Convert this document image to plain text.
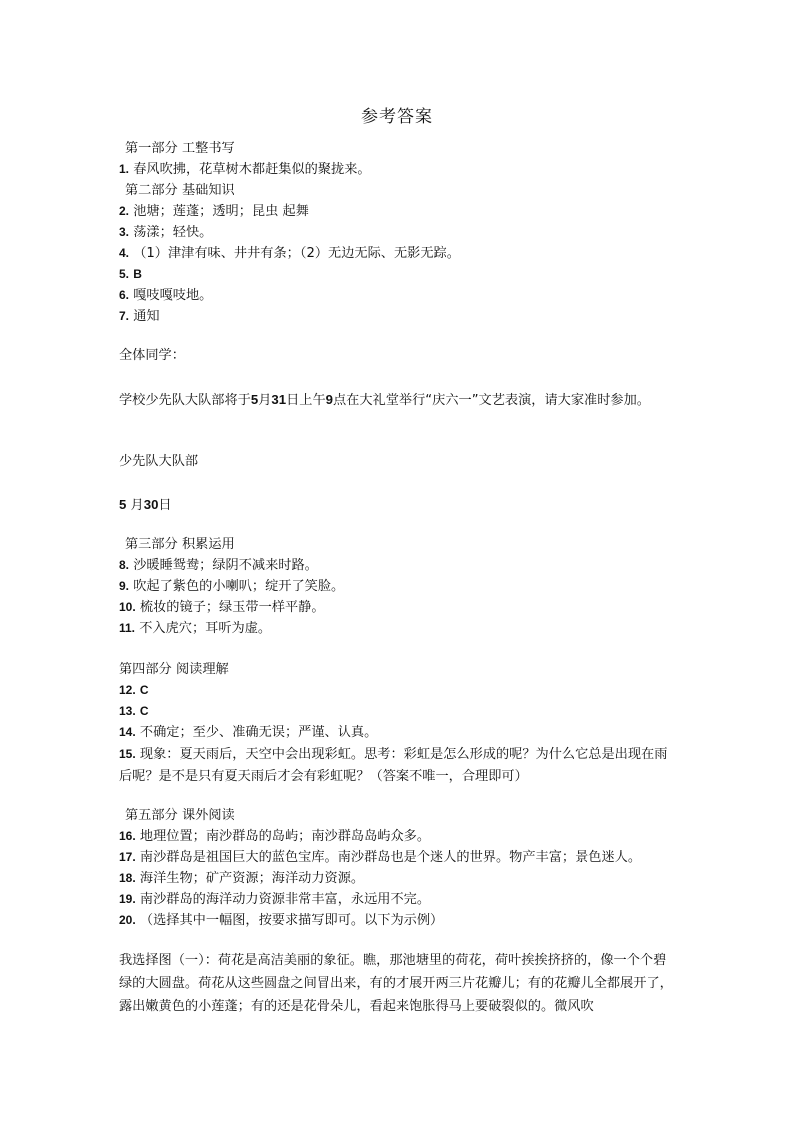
参考答案
第一部分 工整书写
1. 春风吹拂，花草树木都赶集似的聚拢来。
第二部分 基础知识
2. 池塘；莲蓬；透明；昆虫 起舞
3. 荡漾；轻快。
4. （1）津津有味、井井有条；（2）无边无际、无影无踪。
5. B
6. 嘎吱嘎吱地。
7. 通知
全体同学：
学校少先队大队部将于5月31日上午9点在大礼堂举行“庆六一”文艺表演，请大家准时参加。
少先队大队部
5 月30日
第三部分 积累运用
8. 沙暖睡鸳鸯；绿阴不减来时路。
9. 吹起了紫色的小喇叭；绽开了笑脸。
10. 梳妆的镜子；绿玉带一样平静。
11. 不入虎穴；耳听为虚。
第四部分 阅读理解
12. C
13. C
14. 不确定；至少、准确无误；严谨、认真。
15. 现象：夏天雨后，天空中会出现彩虹。思考：彩虹是怎么形成的呢？为什么它总是出现在雨后呢？是不是只有夏天雨后才会有彩虹呢？（答案不唯一，合理即可）
第五部分 课外阅读
16. 地理位置；南沙群岛的岛屿；南沙群岛岛屿众多。
17. 南沙群岛是祖国巨大的蓝色宝库。南沙群岛也是个迷人的世界。物产丰富；景色迷人。
18. 海洋生物；矿产资源；海洋动力资源。
19. 南沙群岛的海洋动力资源非常丰富，永远用不完。
20. （选择其中一幅图，按要求描写即可。以下为示例）
我选择图（一）：荷花是高洁美丽的象征。瞧，那池塘里的荷花，荷叶挨挨挤挤的，像一个个碧绿的大圆盘。荷花从这些圆盘之间冒出来，有的才展开两三片花瓣儿；有的花瓣儿全都展开了，露出嫩黄色的小莲蓬；有的还是花骨朵儿，看起来饱胀得马上要破裂似的。微风吹
